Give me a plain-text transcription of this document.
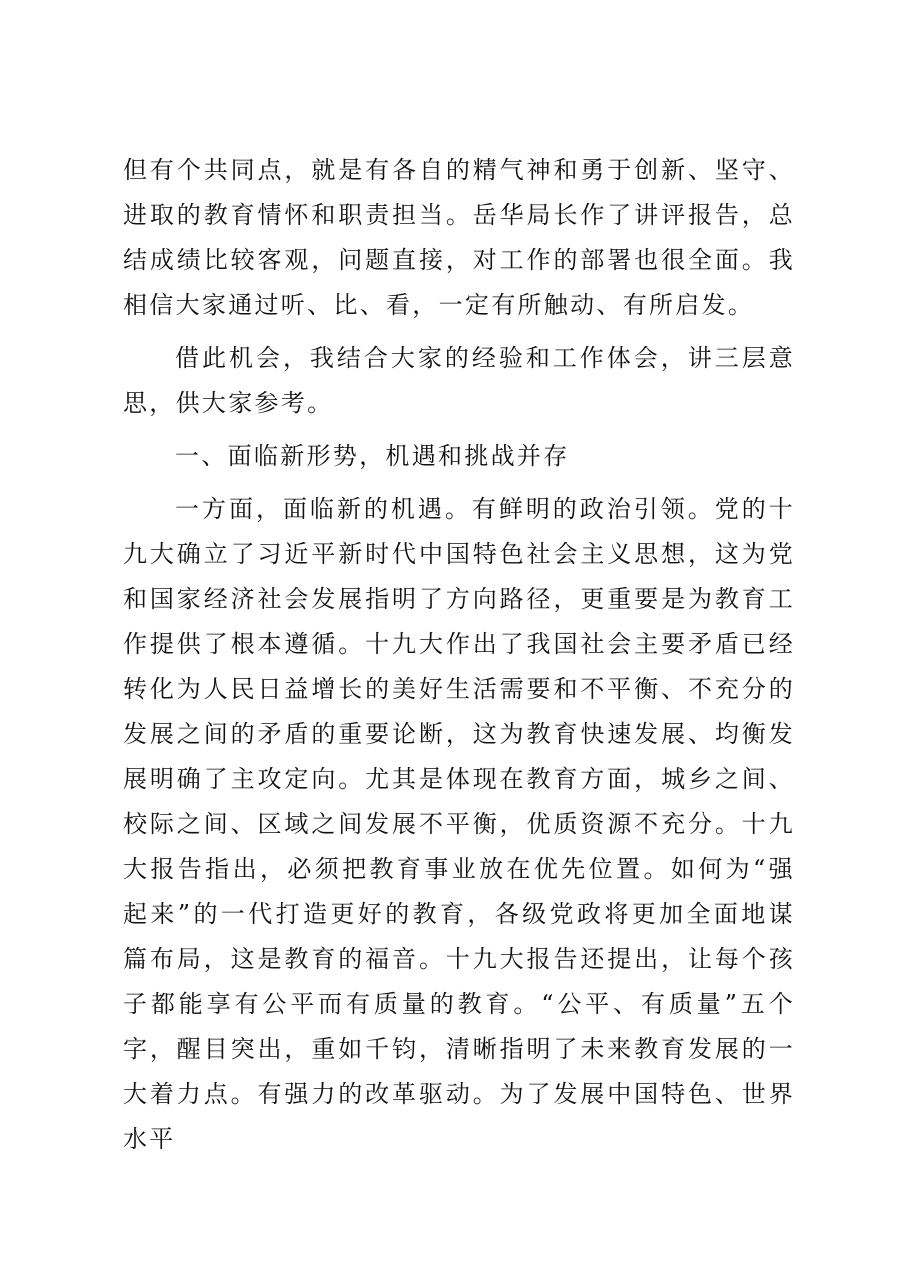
但有个共同点，就是有各自的精气神和勇于创新、坚守、进取的教育情怀和职责担当。岳华局长作了讲评报告，总结成绩比较客观，问题直接，对工作的部署也很全面。我相信大家通过听、比、看，一定有所触动、有所启发。

借此机会，我结合大家的经验和工作体会，讲三层意思，供大家参考。

一、面临新形势，机遇和挑战并存

一方面，面临新的机遇。有鲜明的政治引领。党的十九大确立了习近平新时代中国特色社会主义思想，这为党和国家经济社会发展指明了方向路径，更重要是为教育工作提供了根本遵循。十九大作出了我国社会主要矛盾已经转化为人民日益增长的美好生活需要和不平衡、不充分的发展之间的矛盾的重要论断，这为教育快速发展、均衡发展明确了主攻定向。尤其是体现在教育方面，城乡之间、校际之间、区域之间发展不平衡，优质资源不充分。十九大报告指出，必须把教育事业放在优先位置。如何为“强起来”的一代打造更好的教育，各级党政将更加全面地谋篇布局，这是教育的福音。十九大报告还提出，让每个孩子都能享有公平而有质量的教育。“公平、有质量”五个字，醒目突出，重如千钧，清晰指明了未来教育发展的一大着力点。有强力的改革驱动。为了发展中国特色、世界水平
